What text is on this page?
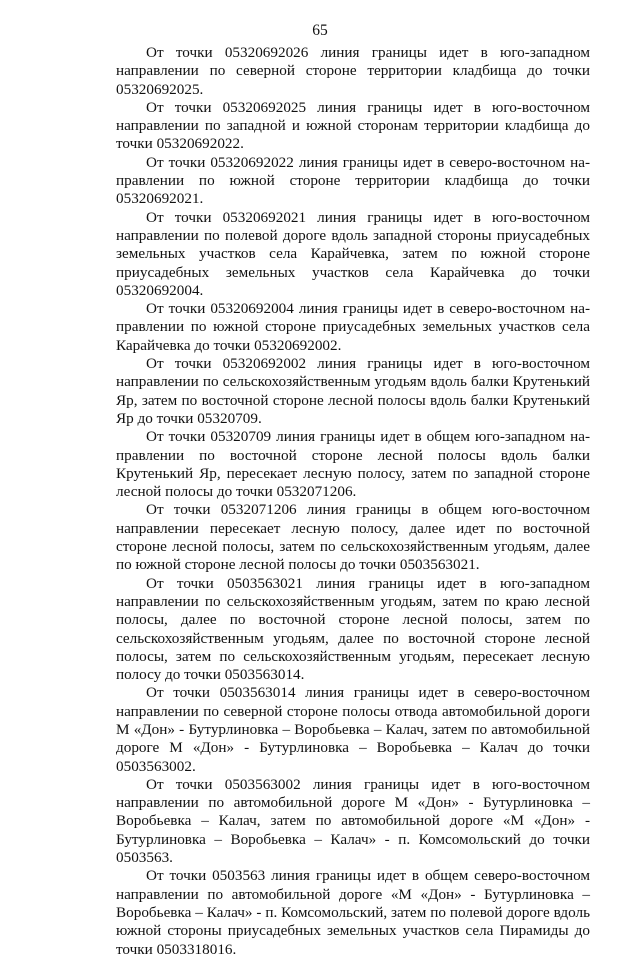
65

От точки 05320692026 линия границы идет в юго-западном направлении по северной стороне территории кладбища до точки 05320692025.

От точки 05320692025 линия границы идет в юго-восточном направлении по западной и южной сторонам территории кладбища до точки 05320692022.

От точки 05320692022 линия границы идет в северо-восточном направлении по южной стороне территории кладбища до точки 05320692021.

От точки 05320692021 линия границы идет в юго-восточном направлении по полевой дороге вдоль западной стороны приусадебных земельных участков села Карайчевка, затем по южной стороне приусадебных земельных участков села Карайчевка до точки 05320692004.

От точки 05320692004 линия границы идет в северо-восточном направлении по южной стороне приусадебных земельных участков села Карайчевка до точки 05320692002.

От точки 05320692002 линия границы идет в юго-восточном направлении по сельскохозяйственным угодьям вдоль балки Крутенький Яр, затем по восточной стороне лесной полосы вдоль балки Крутенький Яр до точки 05320709.

От точки 05320709 линия границы идет в общем юго-западном направлении по восточной стороне лесной полосы вдоль балки Крутенький Яр, пересекает лесную полосу, затем по западной стороне лесной полосы до точки 0532071206.

От точки 0532071206 линия границы в общем юго-восточном направлении пересекает лесную полосу, далее идет по восточной стороне лесной полосы, затем по сельскохозяйственным угодьям, далее по южной стороне лесной полосы до точки 0503563021.

От точки 0503563021 линия границы идет в юго-западном направлении по сельскохозяйственным угодьям, затем по краю лесной полосы, далее по восточной стороне лесной полосы, затем по сельскохозяйственным угодьям, далее по восточной стороне лесной полосы, затем по сельскохозяйственным угодьям, пересекает лесную полосу до точки 0503563014.

От точки 0503563014 линия границы идет в северо-восточном направлении по северной стороне полосы отвода автомобильной дороги М «Дон» - Бутурлиновка – Воробьевка – Калач, затем по автомобильной дороге М «Дон» - Бутурлиновка – Воробьевка – Калач до точки 0503563002.

От точки 0503563002 линия границы идет в юго-восточном направлении по автомобильной дороге М «Дон» - Бутурлиновка – Воробьевка – Калач, затем по автомобильной дороге «М «Дон» - Бутурлиновка – Воробьевка – Калач» - п. Комсомольский до точки 0503563.

От точки 0503563 линия границы идет в общем северо-восточном направлении по автомобильной дороге «М «Дон» - Бутурлиновка – Воробьевка – Калач» - п. Комсомольский, затем по полевой дороге вдоль южной стороны приусадебных земельных участков села Пирамиды до точки 0503318016.
